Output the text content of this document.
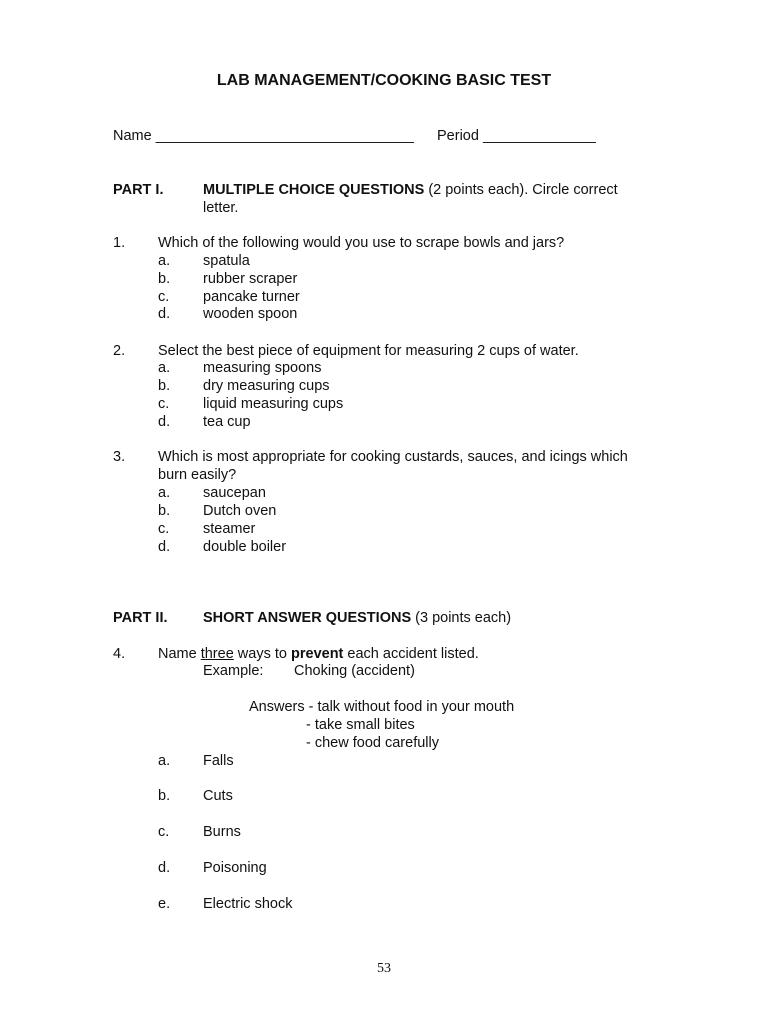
LAB MANAGEMENT/COOKING BASIC TEST
Name ________________________________ Period ______________
PART I.	MULTIPLE CHOICE QUESTIONS (2 points each). Circle correct
letter.
1. Which of the following would you use to scrape bowls and jars?
a. spatula
b. rubber scraper
c. pancake turner
d. wooden spoon
2. Select the best piece of equipment for measuring 2 cups of water.
a. measuring spoons
b. dry measuring cups
c. liquid measuring cups
d. tea cup
3. Which is most appropriate for cooking custards, sauces, and icings which
burn easily?
a. saucepan
b. Dutch oven
c. steamer
d. double boiler
PART II. SHORT ANSWER QUESTIONS (3 points each)
4. Name three ways to prevent each accident listed.
Example: Choking (accident)
Answers - talk without food in your mouth
- take small bites
- chew food carefully
a. Falls
b. Cuts
c. Burns
d. Poisoning
e. Electric shock
53
